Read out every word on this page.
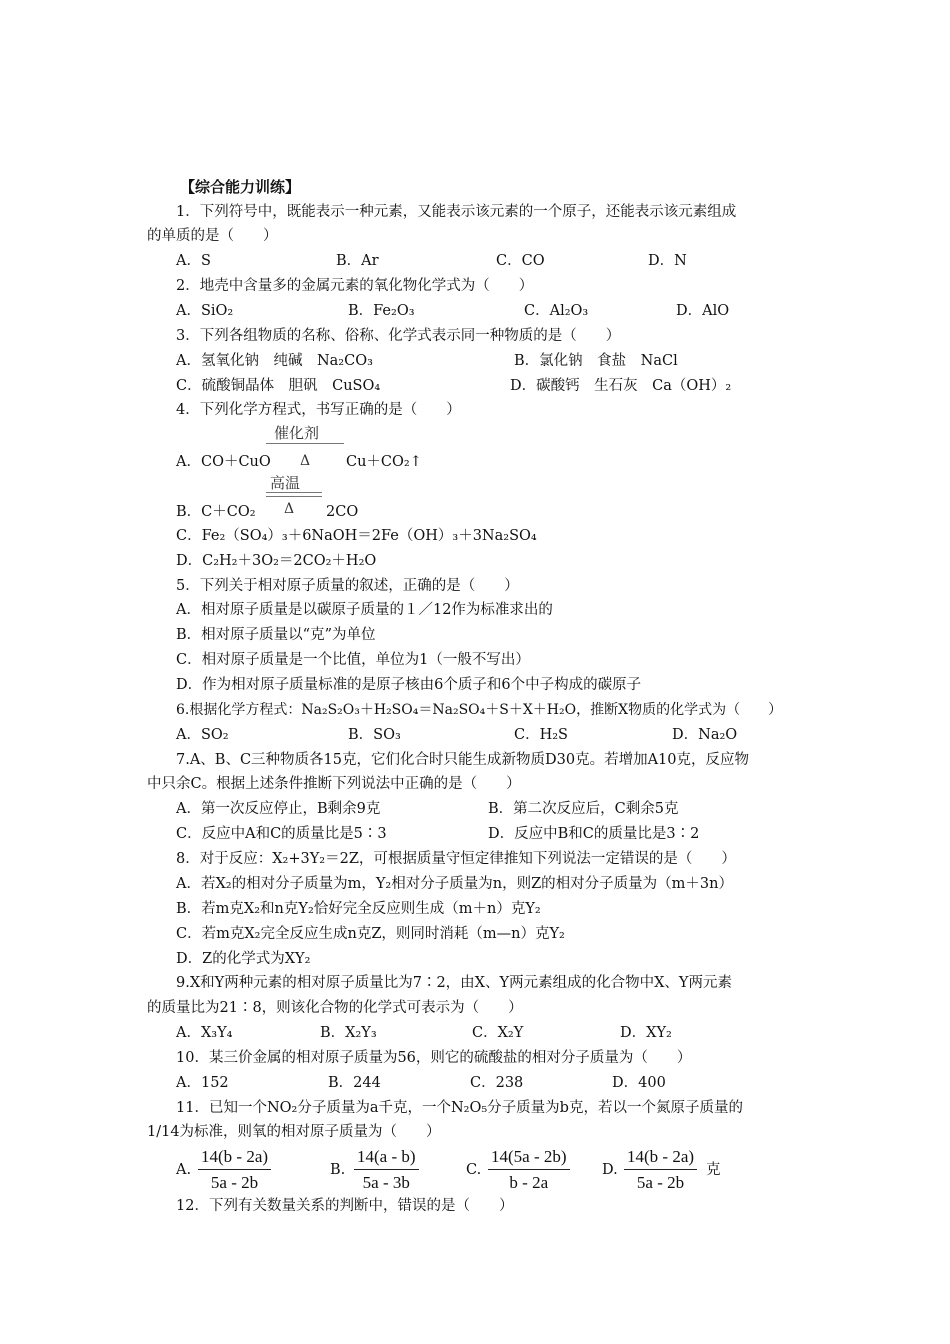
【综合能力训练】
1．下列符号中，既能表示一种元素，又能表示该元素的一个原子，还能表示该元素组成
的单质的是（　　）
A．S	B．Ar	C．CO	D．N
2．地壳中含量多的金属元素的氧化物化学式为（　　）
A．SiO₂	B．Fe₂O₃	C．Al₂O₃	D．AlO
3．下列各组物质的名称、俗称、化学式表示同一种物质的是（　　）
A．氢氧化钠　纯碱　Na₂CO₃	B．氯化钠　食盐　NaCl
C．硫酸铜晶体　胆矾　CuSO₄	D．碳酸钙　生石灰　Ca（OH）₂
4．下列化学方程式，书写正确的是（　　）
催化剂
A．CO＋CuO Δ Cu＋CO₂↑
高温
B．C＋CO₂ Δ 2CO
C．Fe₂（SO₄）₃＋6NaOH＝2Fe（OH）₃＋3Na₂SO₄
D．C₂H₂＋3O₂＝2CO₂＋H₂O
5．下列关于相对原子质量的叙述，正确的是（　　）
A．相对原子质量是以碳原子质量的１／12作为标准求出的
B．相对原子质量以“克”为单位
C．相对原子质量是一个比值，单位为1（一般不写出）
D．作为相对原子质量标准的是原子核由6个质子和6个中子构成的碳原子
6.根据化学方程式：Na₂S₂O₃＋H₂SO₄＝Na₂SO₄＋S＋X＋H₂O，推断X物质的化学式为（　　）
A．SO₂	B．SO₃	C．H₂S	D．Na₂O
7.A、B、C三种物质各15克，它们化合时只能生成新物质D30克。若增加A10克，反应物
中只余C。根据上述条件推断下列说法中正确的是（　　）
A．第一次反应停止，B剩余9克	B．第二次反应后，C剩余5克
C．反应中A和C的质量比是5∶3	D．反应中B和C的质量比是3∶2
8．对于反应：X₂+3Y₂＝2Z，可根据质量守恒定律推知下列说法一定错误的是（　　）
A．若X₂的相对分子质量为m，Y₂相对分子质量为n，则Z的相对分子质量为（m＋3n）
B．若m克X₂和n克Y₂恰好完全反应则生成（m＋n）克Y₂
C．若m克X₂完全反应生成n克Z，则同时消耗（m—n）克Y₂
D．Z的化学式为XY₂
9.X和Y两种元素的相对原子质量比为7∶2，由X、Y两元素组成的化合物中X、Y两元素
的质量比为21∶8，则该化合物的化学式可表示为（　　）
A．X₃Y₄	B．X₂Y₃	C．X₂Y	D．XY₂
10．某三价金属的相对原子质量为56，则它的硫酸盐的相对分子质量为（　　）
A．152	B．244	C．238	D．400
11．已知一个NO₂分子质量为a千克，一个N₂O₅分子质量为b克，若以一个氮原子质量的
1/14为标准，则氧的相对原子质量为（　　）
A. $\frac{14(b - 2a)}{5a - 2b}$	B. $\frac{14(a - b)}{5a - 3b}$	C. $\frac{14(5a - 2b)}{b - 2a} D$. $\frac{14(b - 2a)}{5a - 2b}$ 克
12．下列有关数量关系的判断中，错误的是（　　）
